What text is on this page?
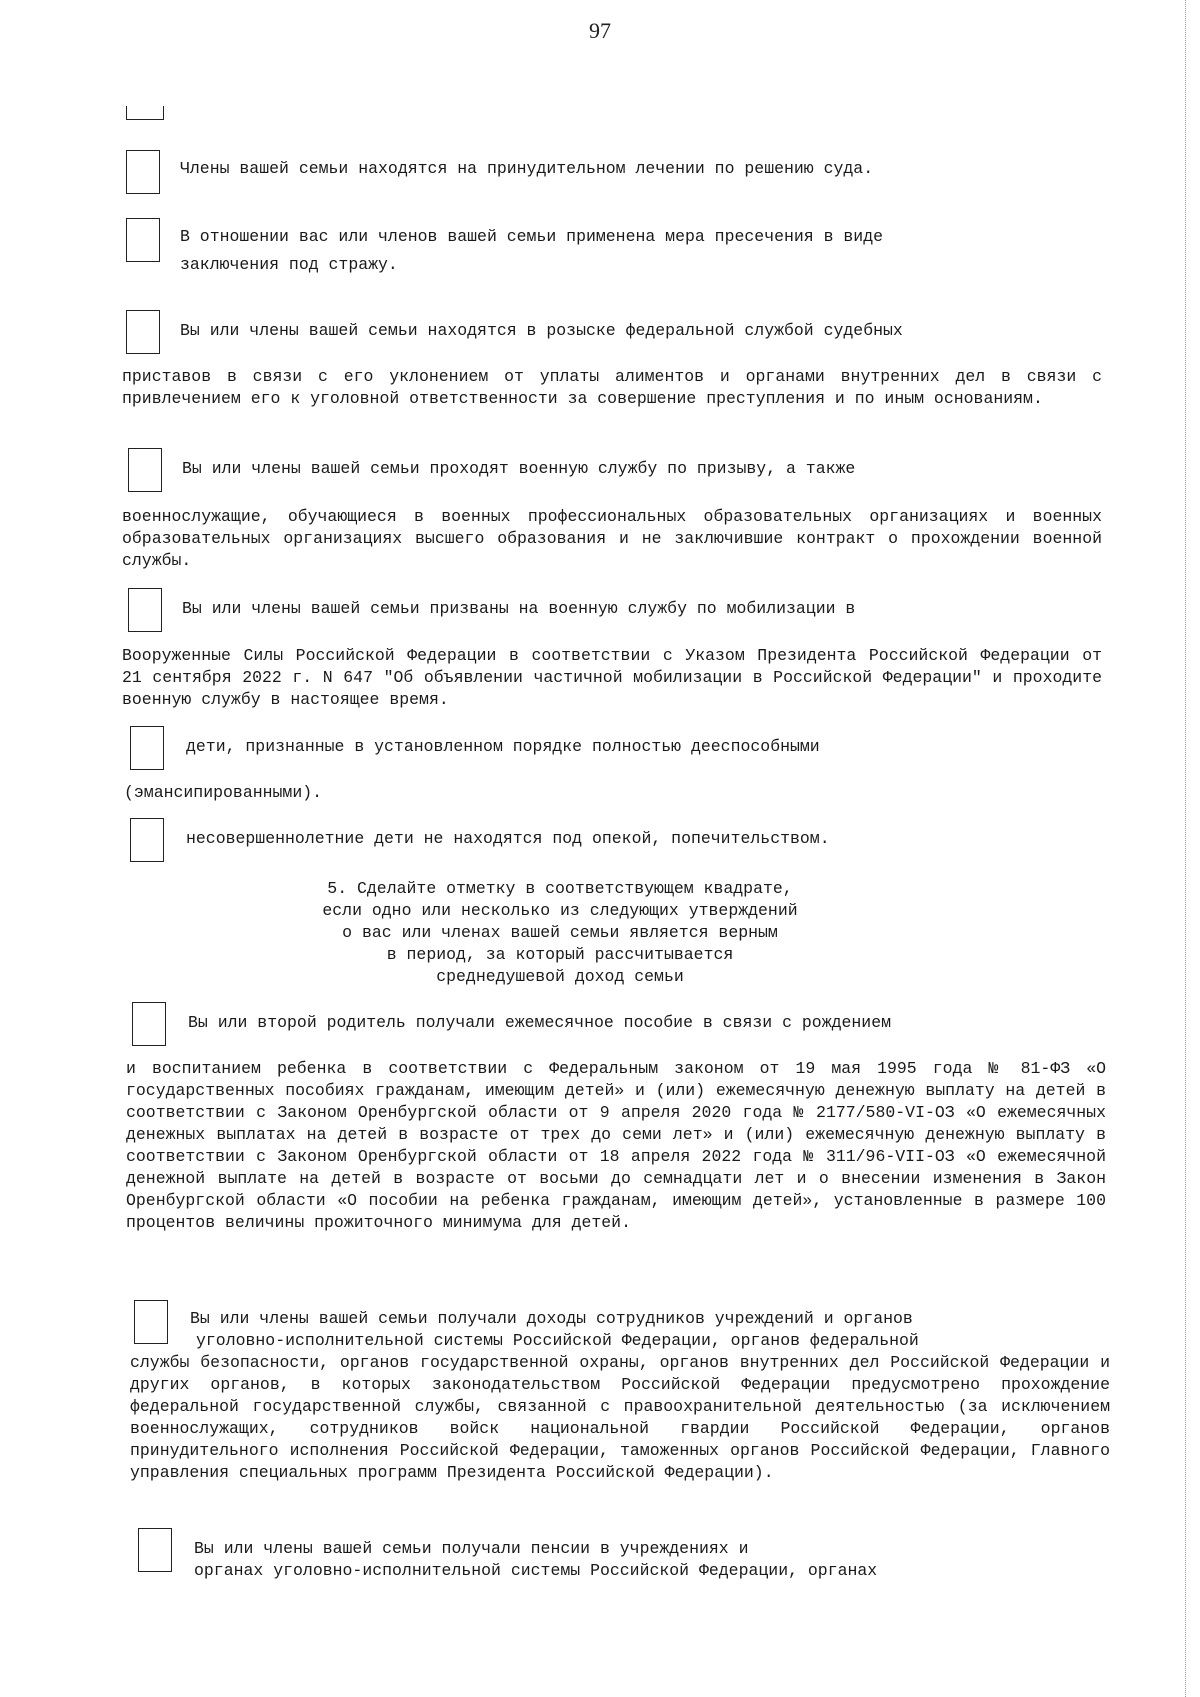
97
Члены вашей семьи находятся на принудительном лечении по решению суда.
В отношении вас или членов вашей семьи применена мера пресечения в виде
заключения под стражу.
Вы или члены вашей семьи находятся в розыске федеральной службой судебных
приставов в связи с его уклонением от уплаты алиментов и органами внутренних дел в связи с привлечением его к уголовной ответственности за совершение преступления и по иным основаниям.
Вы или члены вашей семьи проходят военную службу по призыву, а также
военнослужащие, обучающиеся в военных профессиональных образовательных организациях и военных образовательных организациях высшего образования и не заключившие контракт о прохождении военной службы.
Вы или члены вашей семьи призваны на военную службу по мобилизации в
Вооруженные Силы Российской Федерации в соответствии с Указом Президента Российской Федерации от 21 сентября 2022 г. N 647 "Об объявлении частичной мобилизации в Российской Федерации" и проходите военную службу в настоящее время.
дети, признанные в установленном порядке полностью дееспособными
(эмансипированными).
несовершеннолетние дети не находятся под опекой, попечительством.
5. Сделайте отметку в соответствующем квадрате,
если одно или несколько из следующих утверждений
о вас или членах вашей семьи является верным
в период, за который рассчитывается
среднедушевой доход семьи
Вы или второй родитель получали ежемесячное пособие в связи с рождением
и воспитанием ребенка в соответствии с Федеральным законом от 19 мая 1995 года № 81-ФЗ «О государственных пособиях гражданам, имеющим детей» и (или) ежемесячную денежную выплату на детей в соответствии с Законом Оренбургской области от 9 апреля 2020 года № 2177/580-VI-ОЗ «О ежемесячных денежных выплатах на детей в возрасте от трех до семи лет» и (или) ежемесячную денежную выплату в соответствии с Законом Оренбургской области от 18 апреля 2022 года № 311/96-VII-ОЗ «О ежемесячной денежной выплате на детей в возрасте от восьми до семнадцати лет и о внесении изменения в Закон Оренбургской области «О пособии на ребенка гражданам, имеющим детей», установленные в размере 100 процентов величины прожиточного минимума для детей.
Вы или члены вашей семьи получали доходы сотрудников учреждений и органов
уголовно-исполнительной системы Российской Федерации, органов федеральной
службы безопасности, органов государственной охраны, органов внутренних дел Российской Федерации и других органов, в которых законодательством Российской Федерации предусмотрено прохождение федеральной государственной службы, связанной с правоохранительной деятельностью (за исключением военнослужащих, сотрудников войск национальной гвардии Российской Федерации, органов принудительного исполнения Российской Федерации, таможенных органов Российской Федерации, Главного управления специальных программ Президента Российской Федерации).
Вы или члены вашей семьи получали пенсии в учреждениях и
органах уголовно-исполнительной системы Российской Федерации, органах
